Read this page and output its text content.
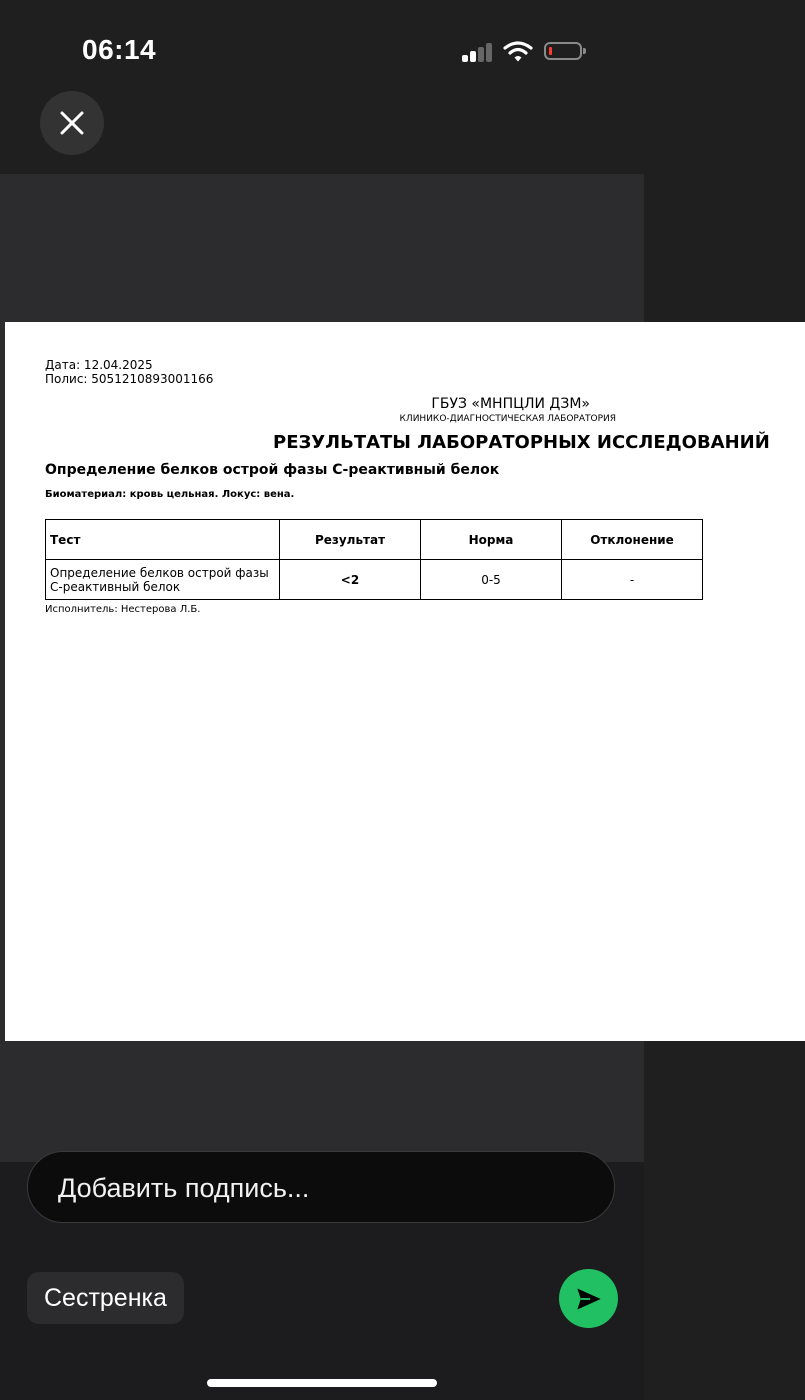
06:14
Дата: 12.04.2025
Полис: 5051210893001166
ГБУЗ «МНПЦЛИ ДЗМ»
КЛИНИКО-ДИАГНОСТИЧЕСКАЯ ЛАБОРАТОРИЯ
РЕЗУЛЬТАТЫ ЛАБОРАТОРНЫХ ИССЛЕДОВАНИЙ
Определение белков острой фазы С-реактивный белок
Биоматериал: кровь цельная. Локус: вена.
Тест	Результат	Норма	Отклонение

Определение белков острой фазы
С-реактивный белок	<2	0-5	-
Исполнитель: Нестерова Л.Б.
Добавить подпись...
Сестренка
